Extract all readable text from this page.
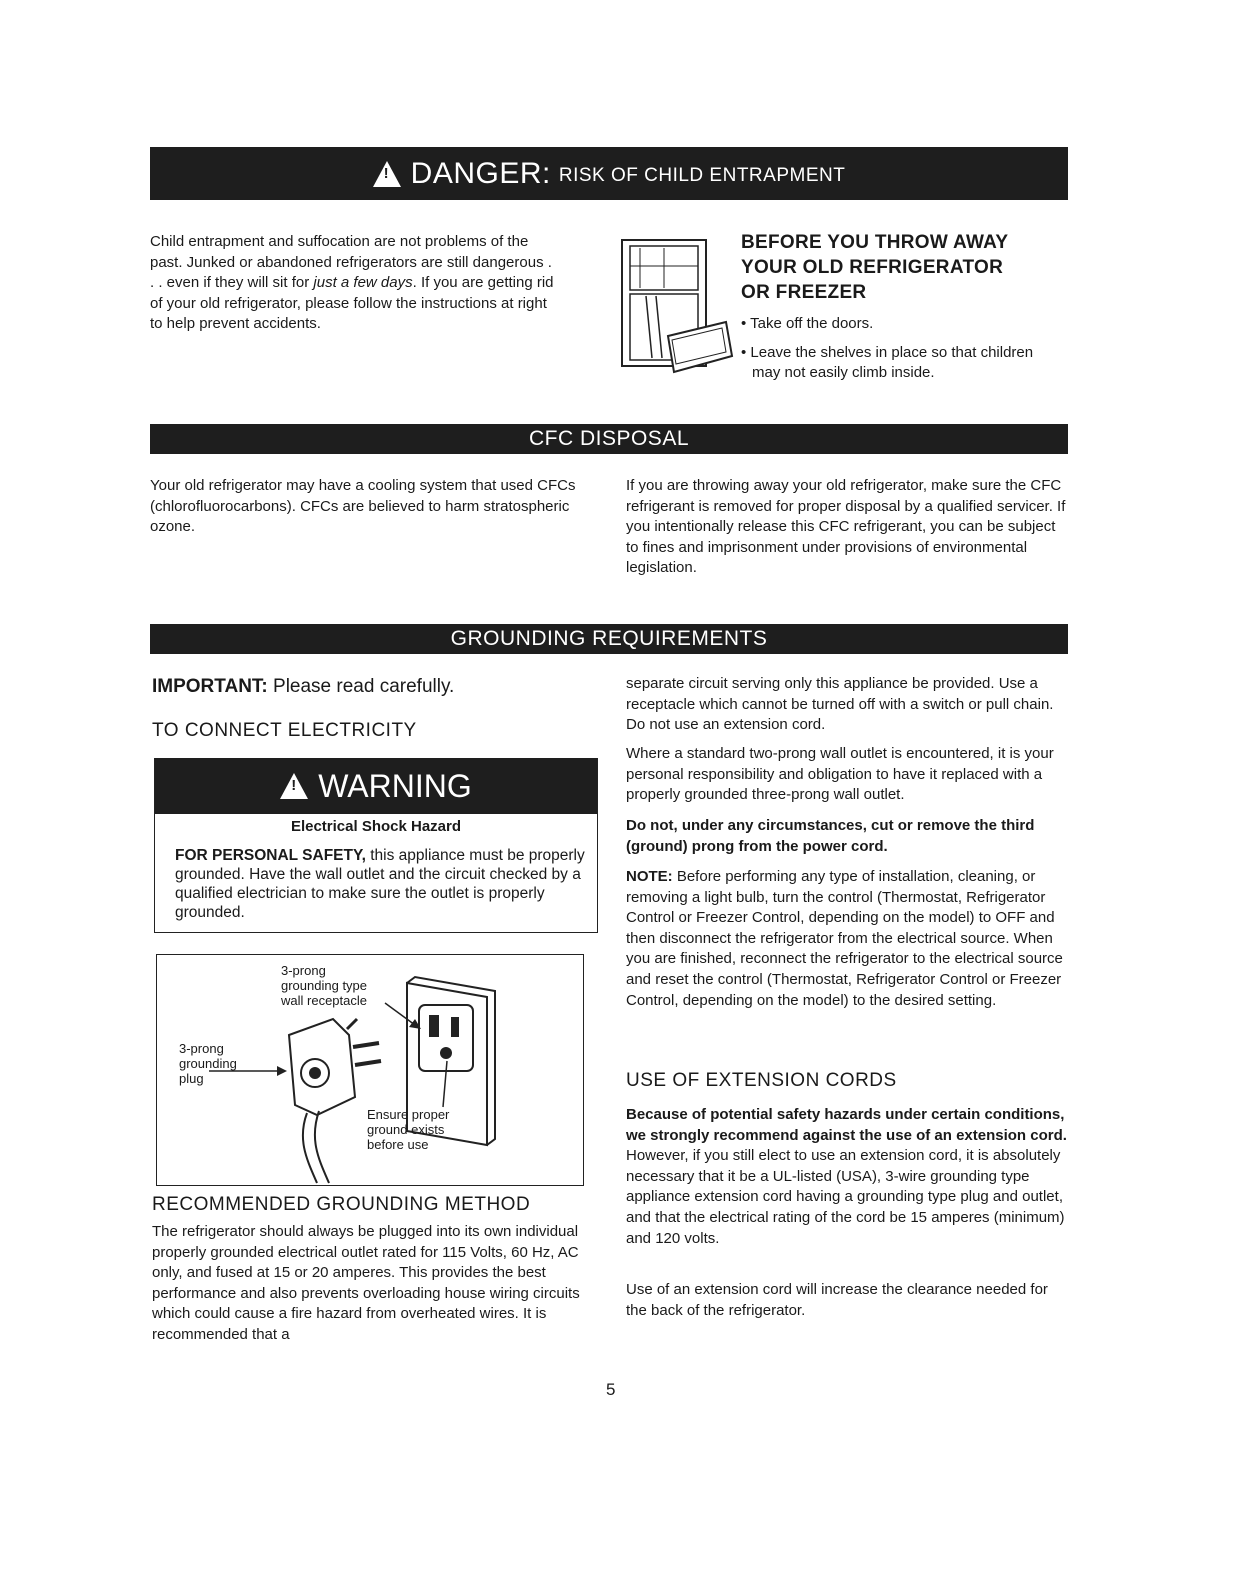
!
DANGER: RISK OF CHILD ENTRAPMENT

Child entrapment and suffocation are not problems of the past. Junked or abandoned refrigerators are still dangerous . . . even if they will sit for just a few days. If you are getting rid of your old refrigerator, please follow the instructions at right to help prevent accidents.

BEFORE YOU THROW AWAY
YOUR OLD REFRIGERATOR
OR FREEZER
• Take off the doors.
• Leave the shelves in place so that children may not easily climb inside.
CFC DISPOSAL

Your old refrigerator may have a cooling system that used CFCs (chlorofluorocarbons). CFCs are believed to harm stratospheric ozone.

If you are throwing away your old refrigerator, make sure the CFC refrigerant is removed for proper disposal by a qualified servicer. If you intentionally release this CFC refrigerant, you can be subject to fines and imprisonment under provisions of environmental legislation.

GROUNDING REQUIREMENTS

IMPORTANT: Please read carefully.

TO CONNECT ELECTRICITY

!
WARNING

Electrical Shock Hazard

FOR PERSONAL SAFETY, this appliance must be properly grounded. Have the wall outlet and the circuit checked by a qualified electrician to make sure the outlet is properly grounded.

3-prong
grounding type
wall receptacle
3-prong
grounding
plug
Ensure proper
ground exists
before use

RECOMMENDED GROUNDING METHOD

The refrigerator should always be plugged into its own individual properly grounded electrical outlet rated for 115 Volts, 60 Hz, AC only, and fused at 15 or 20 amperes. This provides the best performance and also prevents overloading house wiring circuits which could cause a fire hazard from overheated wires. It is recommended that a

separate circuit serving only this appliance be provided. Use a receptacle which cannot be turned off with a switch or pull chain. Do not use an extension cord.

Where a standard two-prong wall outlet is encountered, it is your personal responsibility and obligation to have it replaced with a properly grounded three-prong wall outlet.

Do not, under any circumstances, cut or remove the third (ground) prong from the power cord.

NOTE: Before performing any type of installation, cleaning, or removing a light bulb, turn the control (Thermostat, Refrigerator Control or Freezer Control, depending on the model) to OFF and then disconnect the refrigerator from the electrical source. When you are finished, reconnect the refrigerator to the electrical source and reset the control (Thermostat, Refrigerator Control or Freezer Control, depending on the model) to the desired setting.

USE OF EXTENSION CORDS

Because of potential safety hazards under certain conditions, we strongly recommend against the use of an extension cord. However, if you still elect to use an extension cord, it is absolutely necessary that it be a UL-listed (USA), 3-wire grounding type appliance extension cord having a grounding type plug and outlet, and that the electrical rating of the cord be 15 amperes (minimum) and 120 volts.

Use of an extension cord will increase the clearance needed for the back of the refrigerator.

5
